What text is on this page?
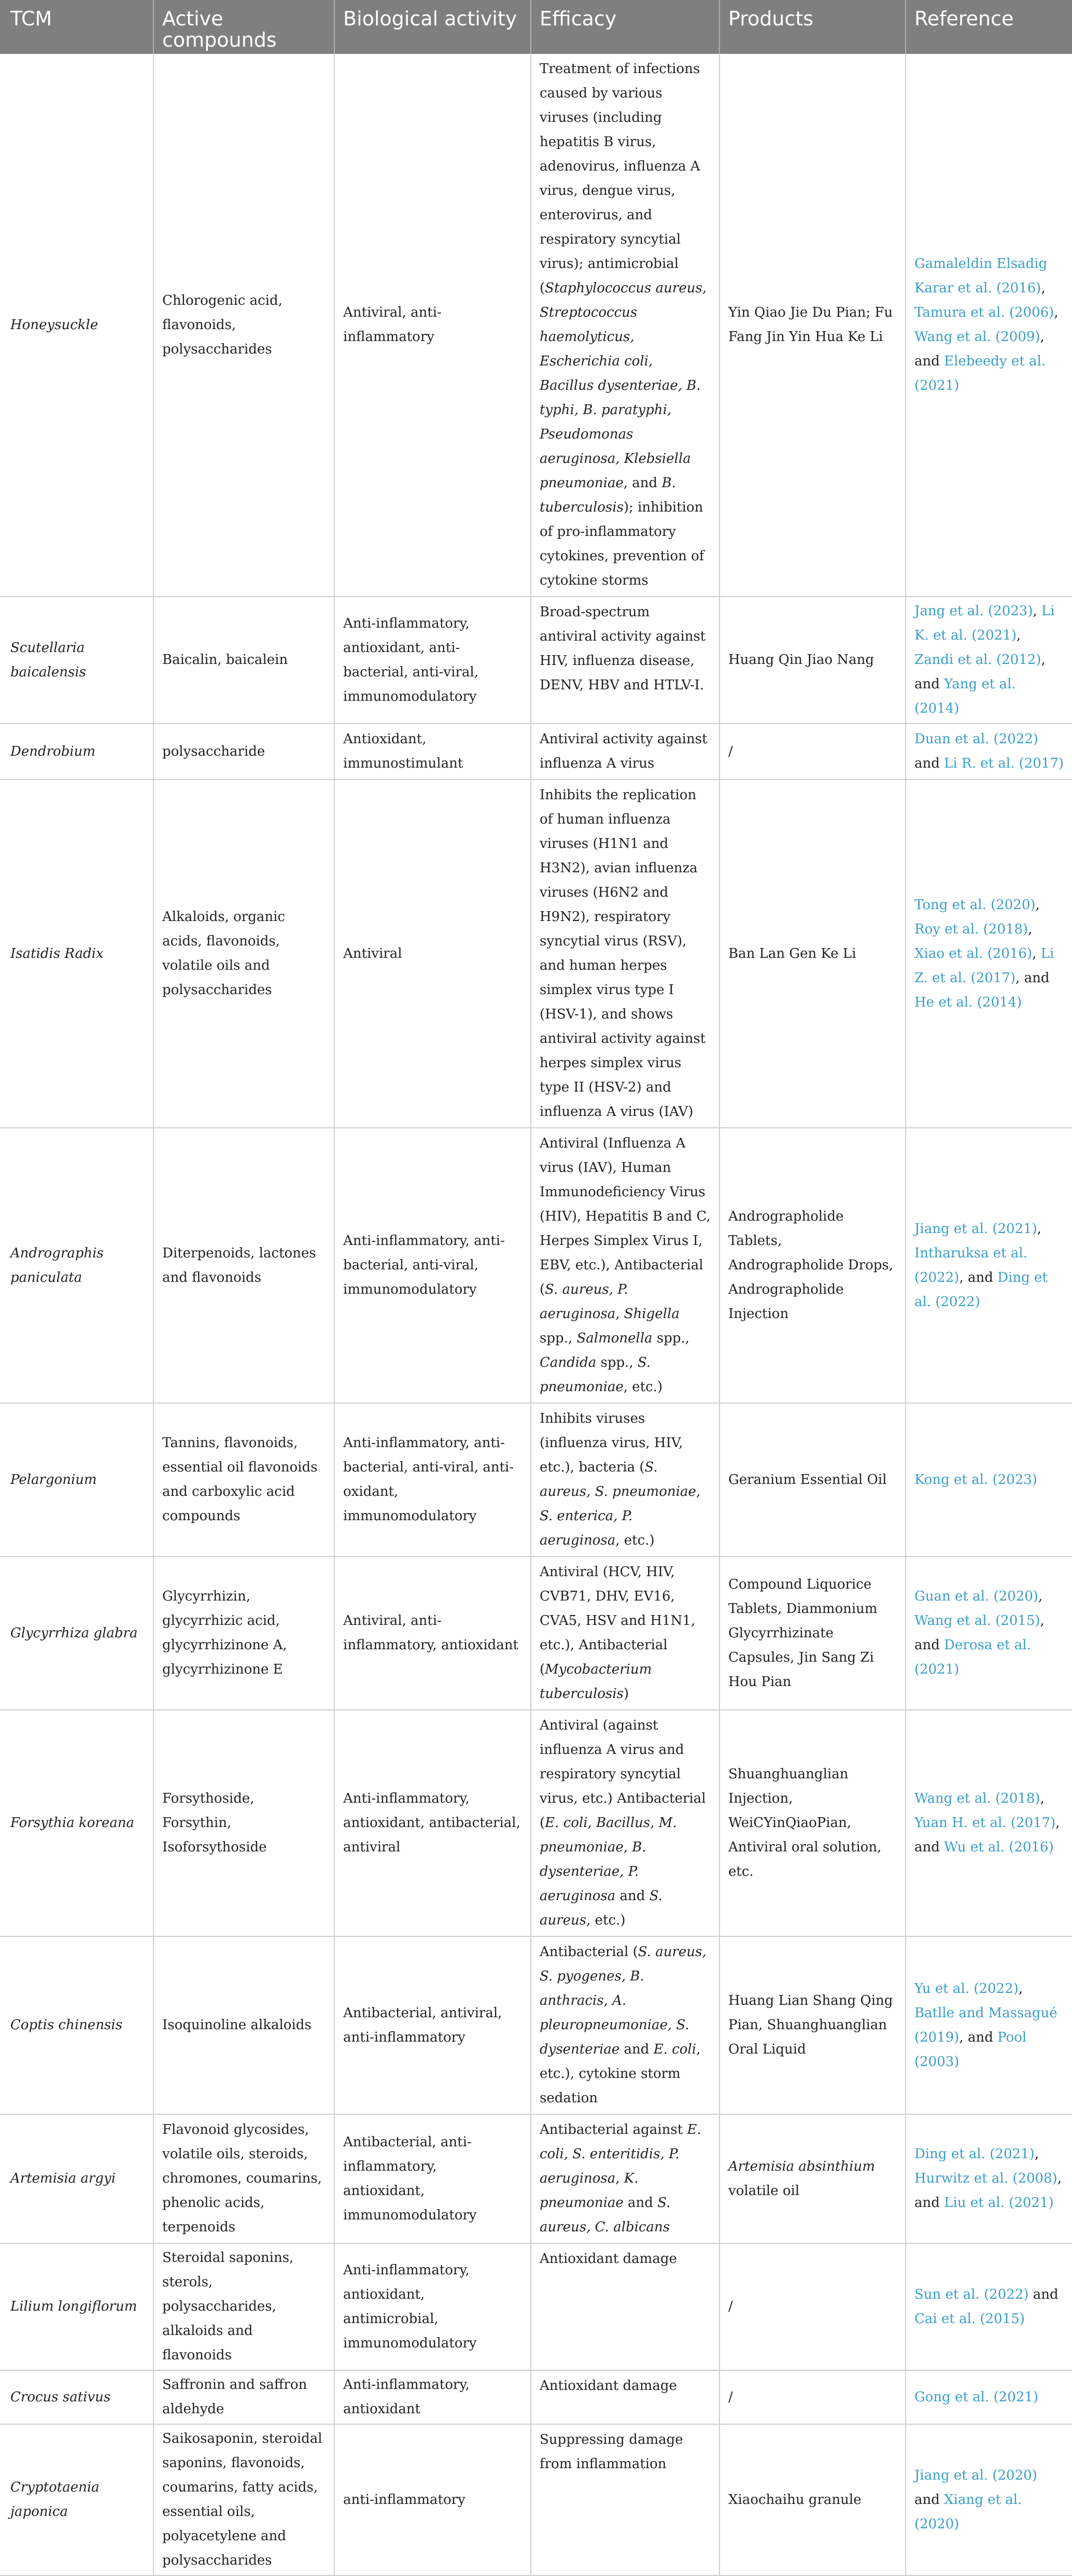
TCM	Active compounds	Biological activity	Efficacy	Products	Reference
Honeysuckle	Chlorogenic acid, flavonoids, polysaccharides	Antiviral, anti-inflammatory	Treatment of infections caused by various viruses (including hepatitis B virus, adenovirus, influenza A virus, dengue virus, enterovirus, and respiratory syncytial virus); antimicrobial (Staphylococcus aureus, Streptococcus haemolyticus, Escherichia coli, Bacillus dysenteriae, B. typhi, B. paratyphi, Pseudomonas aeruginosa, Klebsiella pneumoniae, and B. tuberculosis); inhibition of pro-inflammatory cytokines, prevention of cytokine storms	Yin Qiao Jie Du Pian; Fu Fang Jin Yin Hua Ke Li	Gamaleldin Elsadig Karar et al. (2016), Tamura et al. (2006), Wang et al. (2009), and Elebeedy et al. (2021)
Scutellaria baicalensis	Baicalin, baicalein	Anti-inflammatory, antioxidant, anti-bacterial, anti-viral, immunomodulatory	Broad-spectrum antiviral activity against HIV, influenza disease, DENV, HBV and HTLV-I.	Huang Qin Jiao Nang	Jang et al. (2023), Li K. et al. (2021), Zandi et al. (2012), and Yang et al. (2014)
Dendrobium	polysaccharide	Antioxidant, immunostimulant	Antiviral activity against influenza A virus	/	Duan et al. (2022) and Li R. et al. (2017)
Isatidis Radix	Alkaloids, organic acids, flavonoids, volatile oils and polysaccharides	Antiviral	Inhibits the replication of human influenza viruses (H1N1 and H3N2), avian influenza viruses (H6N2 and H9N2), respiratory syncytial virus (RSV), and human herpes simplex virus type I (HSV-1), and shows antiviral activity against herpes simplex virus type II (HSV-2) and influenza A virus (IAV)	Ban Lan Gen Ke Li	Tong et al. (2020), Roy et al. (2018), Xiao et al. (2016), Li Z. et al. (2017), and He et al. (2014)
Andrographis paniculata	Diterpenoids, lactones and flavonoids	Anti-inflammatory, anti-bacterial, anti-viral, immunomodulatory	Antiviral (Influenza A virus (IAV), Human Immunodeficiency Virus (HIV), Hepatitis B and C, Herpes Simplex Virus I, EBV, etc.), Antibacterial (S. aureus, P. aeruginosa, Shigella spp., Salmonella spp., Candida spp., S. pneumoniae, etc.)	Andrographolide Tablets, Andrographolide Drops, Andrographolide Injection	Jiang et al. (2021), Intharuksa et al. (2022), and Ding et al. (2022)
Pelargonium	Tannins, flavonoids, essential oil flavonoids and carboxylic acid compounds	Anti-inflammatory, anti-bacterial, anti-viral, anti-oxidant, immunomodulatory	Inhibits viruses (influenza virus, HIV, etc.), bacteria (S. aureus, S. pneumoniae, S. enterica, P. aeruginosa, etc.)	Geranium Essential Oil	Kong et al. (2023)
Glycyrrhiza glabra	Glycyrrhizin, glycyrrhizic acid, glycyrrhizinone A, glycyrrhizinone E	Antiviral, anti-inflammatory, antioxidant	Antiviral (HCV, HIV, CVB71, DHV, EV16, CVA5, HSV and H1N1, etc.), Antibacterial (Mycobacterium tuberculosis)	Compound Liquorice Tablets, Diammonium Glycyrrhizinate Capsules, Jin Sang Zi Hou Pian	Guan et al. (2020), Wang et al. (2015), and Derosa et al. (2021)
Forsythia koreana	Forsythoside, Forsythin, Isoforsythoside	Anti-inflammatory, antioxidant, antibacterial, antiviral	Antiviral (against influenza A virus and respiratory syncytial virus, etc.) Antibacterial (E. coli, Bacillus, M. pneumoniae, B. dysenteriae, P. aeruginosa and S. aureus, etc.)	Shuanghuanglian Injection, WeiCYinQiaoPian, Antiviral oral solution, etc.	Wang et al. (2018), Yuan H. et al. (2017), and Wu et al. (2016)
Coptis chinensis	Isoquinoline alkaloids	Antibacterial, antiviral, anti-inflammatory	Antibacterial (S. aureus, S. pyogenes, B. anthracis, A. pleuropneumoniae, S. dysenteriae and E. coli, etc.), cytokine storm sedation	Huang Lian Shang Qing Pian, Shuanghuanglian Oral Liquid	Yu et al. (2022), Batlle and Massagué (2019), and Pool (2003)
Artemisia argyi	Flavonoid glycosides, volatile oils, steroids, chromones, coumarins, phenolic acids, terpenoids	Antibacterial, anti-inflammatory, antioxidant, immunomodulatory	Antibacterial against E. coli, S. enteritidis, P. aeruginosa, K. pneumoniae and S. aureus, C. albicans	Artemisia absinthium volatile oil	Ding et al. (2021), Hurwitz et al. (2008), and Liu et al. (2021)
Lilium longiflorum	Steroidal saponins, sterols, polysaccharides, alkaloids and flavonoids	Anti-inflammatory, antioxidant, antimicrobial, immunomodulatory	Antioxidant damage	/	Sun et al. (2022) and Cai et al. (2015)
Crocus sativus	Saffronin and saffron aldehyde	Anti-inflammatory, antioxidant	Antioxidant damage	/	Gong et al. (2021)
Cryptotaenia japonica	Saikosaponin, steroidal saponins, flavonoids, coumarins, fatty acids, essential oils, polyacetylene and polysaccharides	anti-inflammatory	Suppressing damage from inflammation	Xiaochaihu granule	Jiang et al. (2020) and Xiang et al. (2020)
